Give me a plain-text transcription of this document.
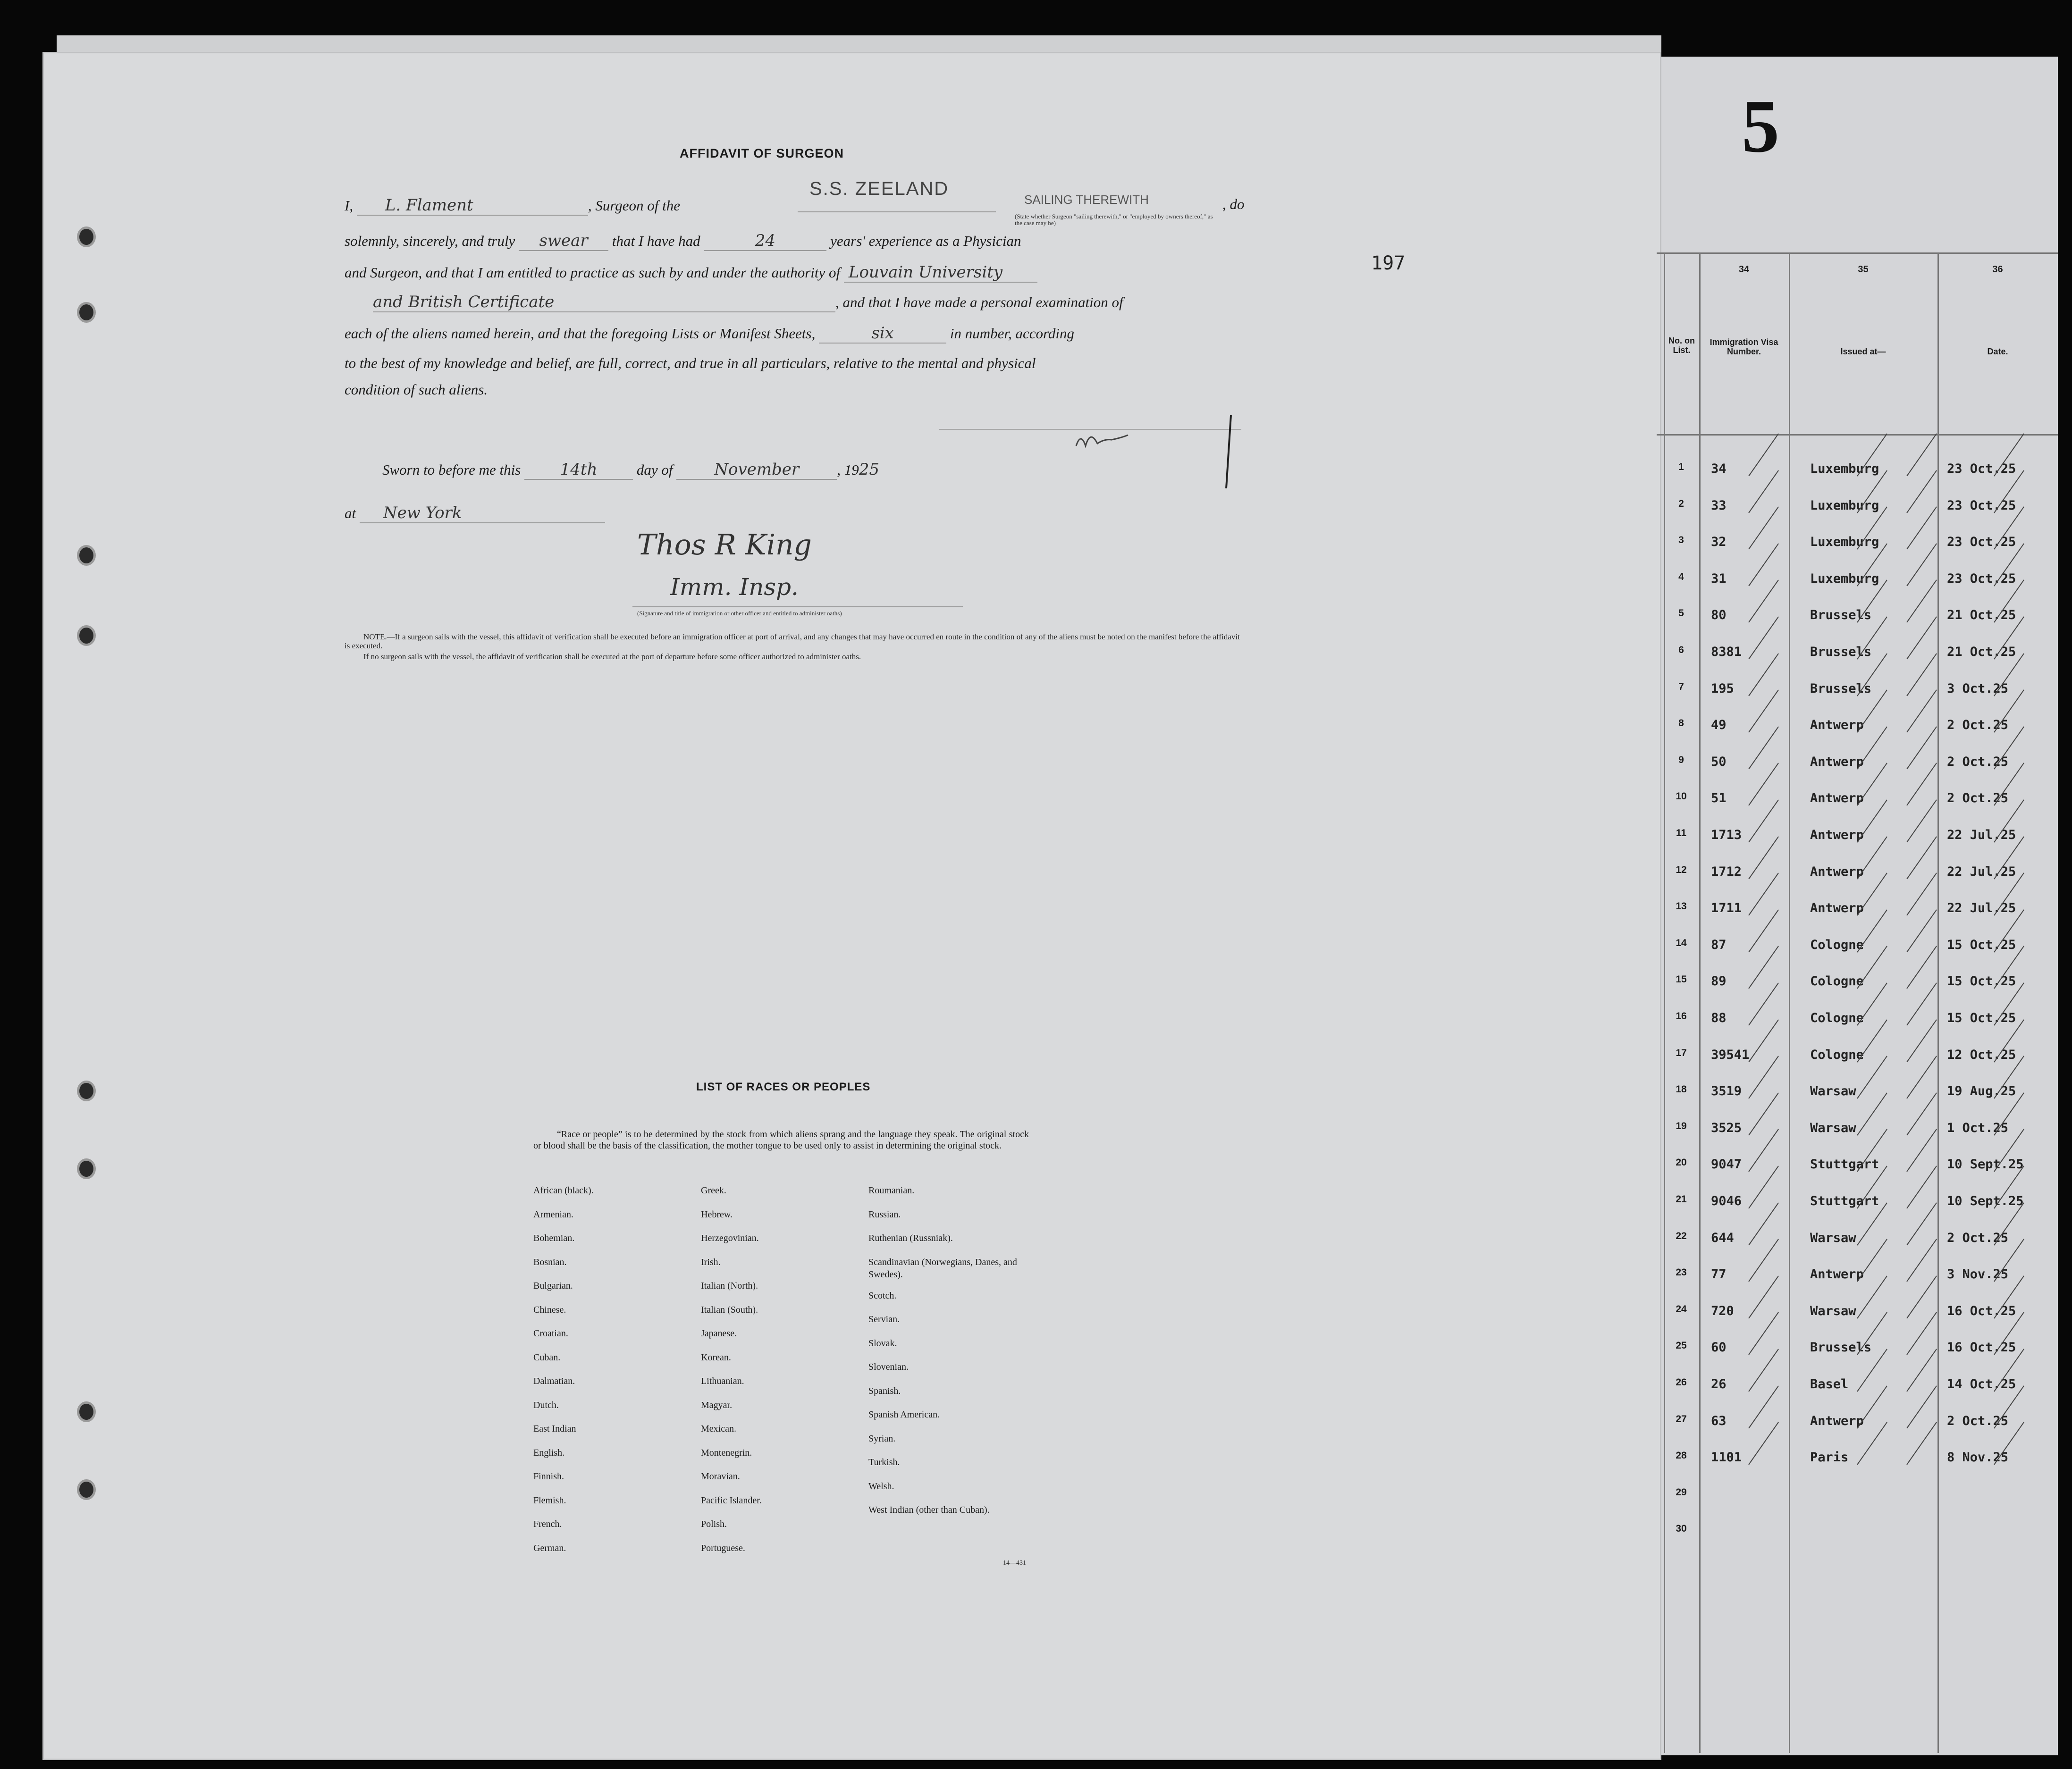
AFFIDAVIT OF SURGEON
I, L. Flament	, Surgeon of the
S.S. ZEELAND
, do
SAILING THEREWITH
(State whether Surgeon "sailing therewith," or "employed by owners thereof," as the case may be)
solemnly, sincerely, and truly swear that I have had	24	years' experience as a Physician
and Surgeon, and that I am entitled to practice as such by and under the authority of Louvain University
and British Certificate	, and that I have made a personal examination of
each of the aliens named herein, and that the foregoing Lists or Manifest Sheets,	six	in number, according
to the best of my knowledge and belief, are full, correct, and true in all particulars, relative to the mental and physical
condition of such aliens.
Sworn to before me this 14th	day of	November	, 1925
at New York
Thos R King
Imm. Insp.
(Signature and title of immigration or other officer and entitled to administer oaths)
NOTE.—If a surgeon sails with the vessel, this affidavit of verification shall be executed before an immigration officer at port of arrival, and any changes that may have occurred en route in the condition of any of the aliens must be noted on the manifest before the affidavit is executed.
If no surgeon sails with the vessel, the affidavit of verification shall be executed at the port of departure before some officer authorized to administer oaths.
197
LIST OF RACES OR PEOPLES
“Race or people” is to be determined by the stock from which aliens sprang and the language they speak. The original stock or blood shall be the basis of the classification, the mother tongue to be used only to assist in determining the original stock.
African (black).
Armenian.
Bohemian.
Bosnian.
Bulgarian.
Chinese.
Croatian.
Cuban.
Dalmatian.
Dutch.
East Indian
English.
Finnish.
Flemish.
French.
German.
Greek.
Hebrew.
Herzegovinian.
Irish.
Italian (North).
Italian (South).
Japanese.
Korean.
Lithuanian.
Magyar.
Mexican.
Montenegrin.
Moravian.
Pacific Islander.
Polish.
Portuguese.
Roumanian.
Russian.
Ruthenian (Russniak).
Scandinavian (Norwegians, Danes, and Swedes).
Scotch.
Servian.
Slovak.
Slovenian.
Spanish.
Spanish American.
Syrian.
Turkish.
Welsh.
West Indian (other than Cuban).
14—431
5
34	35	36
No. on List.
Immigration Visa Number.	Issued at—	Date.
1	34	Luxemburg	23 Oct.25
2	33	Luxemburg	23 Oct.25
3	32	Luxemburg	23 Oct.25
4	31	Luxemburg	23 Oct.25
5	80	Brussels	21 Oct.25
6	8381	Brussels	21 Oct.25
7	195	Brussels	3 Oct.25
8	49	Antwerp	2 Oct.25
9	50	Antwerp	2 Oct.25
10	51	Antwerp	2 Oct.25
11	1713	Antwerp	22 Jul.25
12	1712	Antwerp	22 Jul.25
13	1711	Antwerp	22 Jul.25
14	87	Cologne	15 Oct.25
15	89	Cologne	15 Oct.25
16	88	Cologne	15 Oct.25
17	39541	Cologne	12 Oct.25
18	3519	Warsaw	19 Aug.25
19	3525	Warsaw	1 Oct.25
20	9047	Stuttgart	10 Sept.25
21	9046	Stuttgart	10 Sept.25
22	644	Warsaw	2 Oct.25
23	77	Antwerp	3 Nov.25
24	720	Warsaw	16 Oct.25
25	60	Brussels	16 Oct.25
26	26	Basel	14 Oct.25
27	63	Antwerp	2 Oct.25
28	1101	Paris	8 Nov.25
29
30
